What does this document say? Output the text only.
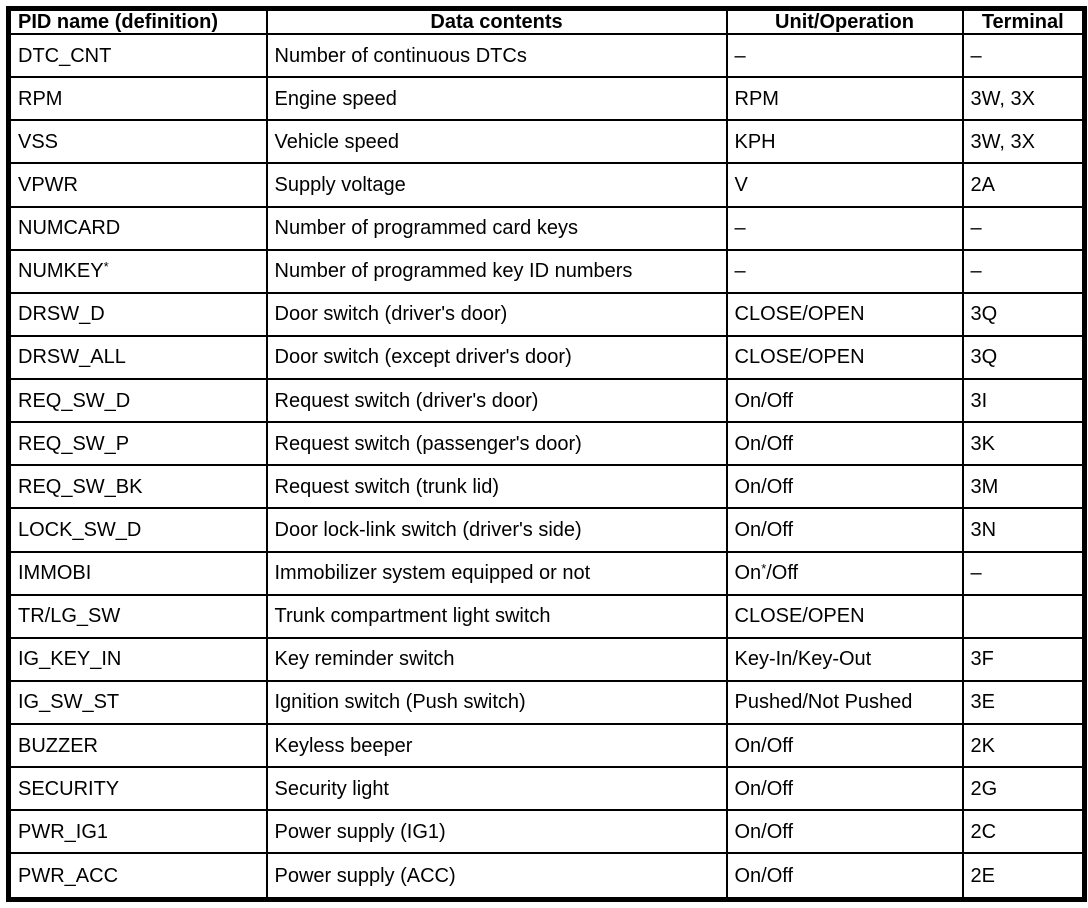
PID name (definition)	Data contents	Unit/Operation	Terminal
DTC_CNT	Number of continuous DTCs	–	–
RPM	Engine speed	RPM	3W, 3X
VSS	Vehicle speed	KPH	3W, 3X
VPWR	Supply voltage	V	2A
NUMCARD	Number of programmed card keys	–	–
NUMKEY*	Number of programmed key ID numbers	–	–
DRSW_D	Door switch (driver's door)	CLOSE/OPEN	3Q
DRSW_ALL	Door switch (except driver's door)	CLOSE/OPEN	3Q
REQ_SW_D	Request switch (driver's door)	On/Off	3I
REQ_SW_P	Request switch (passenger's door)	On/Off	3K
REQ_SW_BK	Request switch (trunk lid)	On/Off	3M
LOCK_SW_D	Door lock-link switch (driver's side)	On/Off	3N
IMMOBI	Immobilizer system equipped or not	On*/Off	–
TR/LG_SW	Trunk compartment light switch	CLOSE/OPEN	
IG_KEY_IN	Key reminder switch	Key-In/Key-Out	3F
IG_SW_ST	Ignition switch (Push switch)	Pushed/Not Pushed	3E
BUZZER	Keyless beeper	On/Off	2K
SECURITY	Security light	On/Off	2G
PWR_IG1	Power supply (IG1)	On/Off	2C
PWR_ACC	Power supply (ACC)	On/Off	2E
